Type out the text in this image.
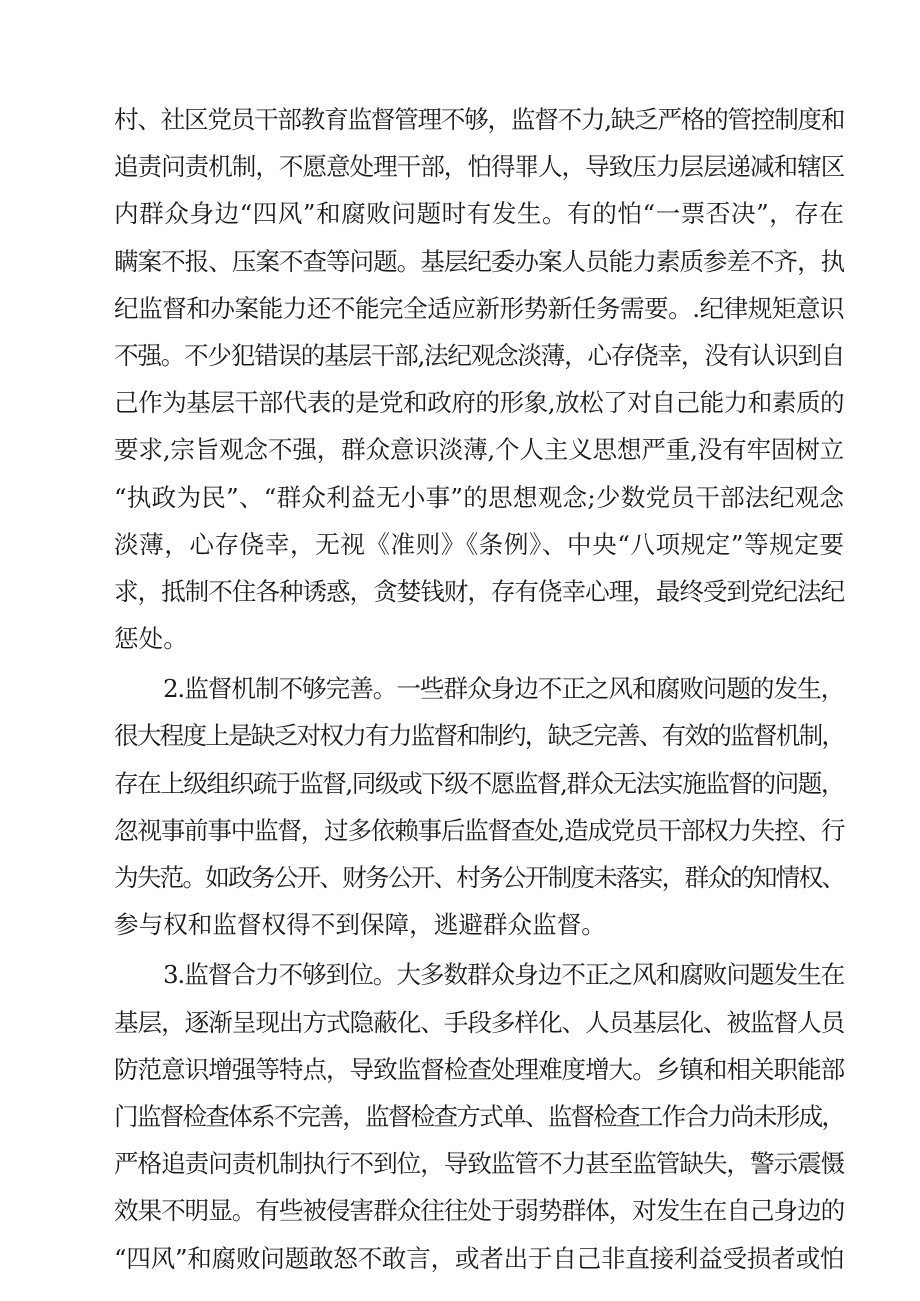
村、社区党员干部教育监督管理不够，监督不力,缺乏严格的管控制度和
追责问责机制，不愿意处理干部，怕得罪人，导致压力层层递减和辖区
内群众身边“四风”和腐败问题时有发生。有的怕“一票否决”，存在
瞒案不报、压案不查等问题。基层纪委办案人员能力素质参差不齐，执
纪监督和办案能力还不能完全适应新形势新任务需要。.纪律规矩意识
不强。不少犯错误的基层干部,法纪观念淡薄，心存侥幸，没有认识到自
己作为基层干部代表的是党和政府的形象,放松了对自己能力和素质的
要求,宗旨观念不强，群众意识淡薄,个人主义思想严重,没有牢固树立
“执政为民”、“群众利益无小事”的思想观念;少数党员干部法纪观念
淡薄，心存侥幸，无视《准则》《条例》、中央“八项规定”等规定要
求，抵制不住各种诱惑，贪婪钱财，存有侥幸心理，最终受到党纪法纪
惩处。
2.监督机制不够完善。一些群众身边不正之风和腐败问题的发生，
很大程度上是缺乏对权力有力监督和制约，缺乏完善、有效的监督机制，
存在上级组织疏于监督,同级或下级不愿监督,群众无法实施监督的问题，
忽视事前事中监督，过多依赖事后监督查处,造成党员干部权力失控、行
为失范。如政务公开、财务公开、村务公开制度未落实，群众的知情权、
参与权和监督权得不到保障，逃避群众监督。
3.监督合力不够到位。大多数群众身边不正之风和腐败问题发生在
基层，逐渐呈现出方式隐蔽化、手段多样化、人员基层化、被监督人员
防范意识增强等特点，导致监督检查处理难度增大。乡镇和相关职能部
门监督检查体系不完善，监督检查方式单、监督检查工作合力尚未形成，
严格追责问责机制执行不到位，导致监管不力甚至监管缺失，警示震慑
效果不明显。有些被侵害群众往往处于弱势群体，对发生在自己身边的
“四风”和腐败问题敢怒不敢言，或者出于自己非直接利益受损者或怕
